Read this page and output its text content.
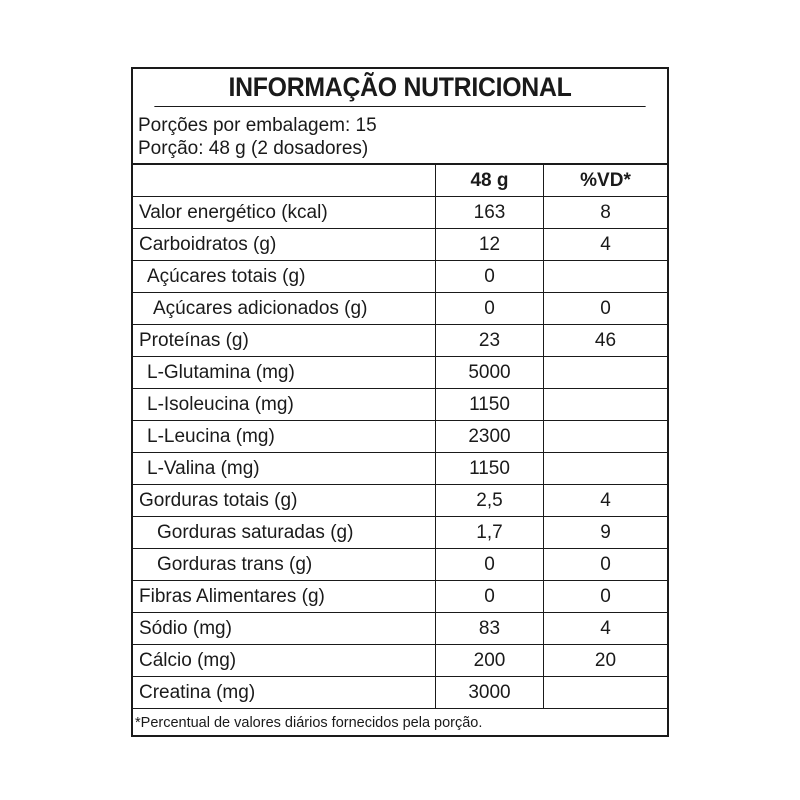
INFORMAÇÃO NUTRICIONAL
Porções por embalagem: 15
Porção: 48 g (2 dosadores)
	48 g	%VD*
Valor energético (kcal)	163	8
Carboidratos (g)	12	4
Açúcares totais (g)	0	
Açúcares adicionados (g)	0	0
Proteínas (g)	23	46
L-Glutamina (mg)	5000	
L-Isoleucina (mg)	1150	
L-Leucina (mg)	2300	
L-Valina (mg)	1150	
Gorduras totais (g)	2,5	4
Gorduras saturadas (g)	1,7	9
Gorduras trans (g)	0	0
Fibras Alimentares (g)	0	0
Sódio (mg)	83	4
Cálcio (mg)	200	20
Creatina (mg)	3000	
*Percentual de valores diários fornecidos pela porção.
